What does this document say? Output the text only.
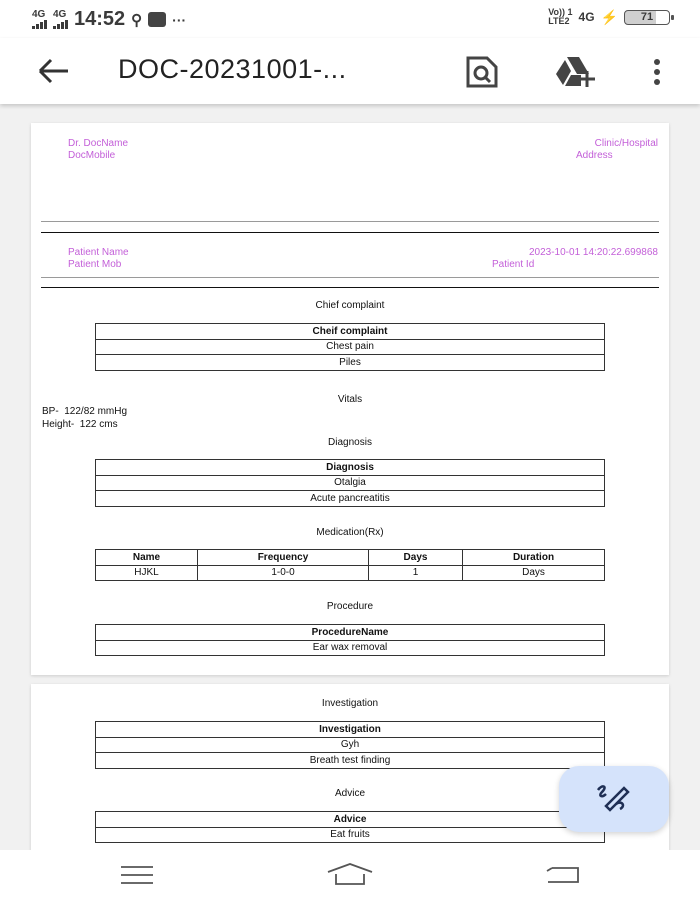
4G 4G 14:52 ⚲ ···	Vo)) 1
LTE2 4G ⚡	71
DOC-20231001-...
Dr. DocName
DocMobile
Clinic/Hospital
Address
Patient Name
Patient Mob
2023-10-01 14:20:22.699868
Patient Id
Chief complaint
Cheif complaint
Chest pain
Piles
Vitals
BP-  122/82 mmHg
Height-  122 cms
Diagnosis
Diagnosis
Otalgia
Acute pancreatitis
Medication(Rx)
Name	Frequency	Days	Duration
HJKL	1-0-0	1	Days
Procedure
ProcedureName
Ear wax removal
Investigation
Investigation
Gyh
Breath test finding
Advice
Advice
Eat fruits
